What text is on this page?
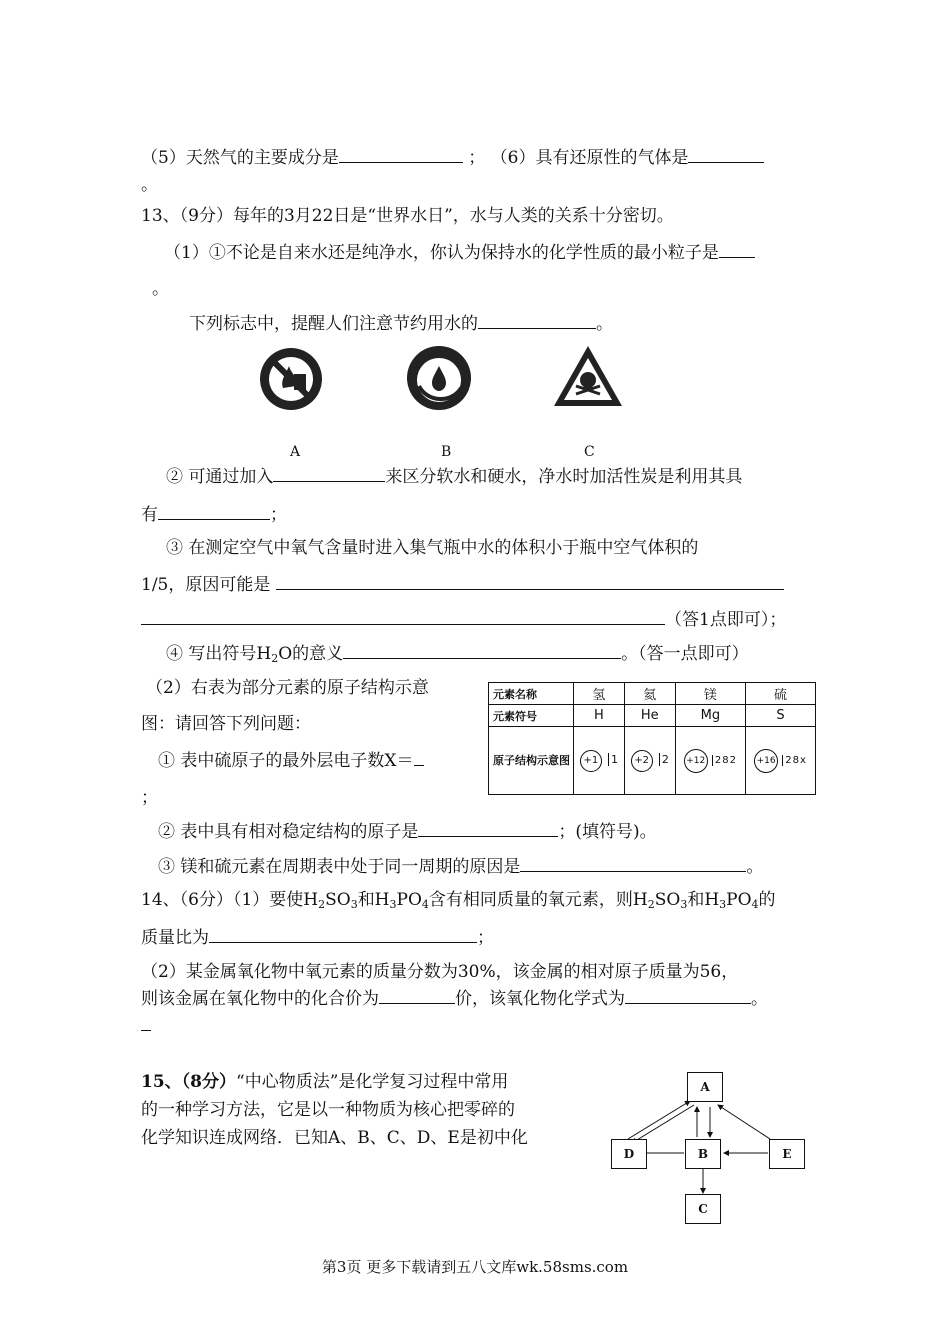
（5）天然气的主要成分是	； （6）具有还原性的气体是
。
13、（9分）每年的3月22日是“世界水日”，水与人类的关系十分密切。
（1）①不论是自来水还是纯净水，你认为保持水的化学性质的最小粒子是
。
下列标志中，提醒人们注意节约用水的	。
A	B	C
② 可通过加入	来区分软水和硬水，净水时加活性炭是利用其具
有	；
③ 在测定空气中氧气含量时进入集气瓶中水的体积小于瓶中空气体积的
1/5，原因可能是
（答1点即可）；
④ 写出符号$H_2O$的意义	。（答一点即可）
（2）右表为部分元素的原子结构示意
图：请回答下列问题：
① 表中硫原子的最外层电子数X＝
；
元素名称	氢	氦	镁	硫
元素符号	H	He	Mg	S
原子结构示意图	+1 1	+2 2	+12 282	+16 28x
② 表中具有相对稳定结构的原子是	；(填符号)。
③ 镁和硫元素在周期表中处于同一周期的原因是	。
14、（6分）（1）要使$H_2SO_3$和$H_3PO_4$含有相同质量的氧元素，则$H_2SO_3$和$H_3PO_4$的
质量比为	；
（2）某金属氧化物中氧元素的质量分数为30%，该金属的相对原子质量为56，
则该金属在氧化物中的化合价为	价，该氧化物化学式为	。
15、（8分）“中心物质法”是化学复习过程中常用
的一种学习方法，它是以一种物质为核心把零碎的
化学知识连成网络．已知A、B、C、D、E是初中化
A
B
C
D	E
第3页 更多下载请到五八文库wk.58sms.com
